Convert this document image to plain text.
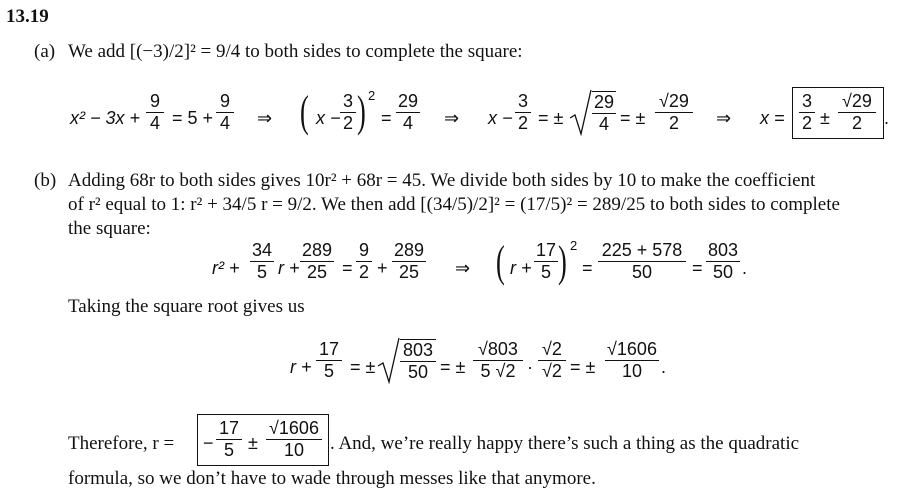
13.19
(a) We add [(−3)/2]² = 9/4 to both sides to complete the square:
x² − 3x +
9
4 = 5 +
9
4 ⇒ ( x −
3
2 ) 2
=
29
4	⇒ x −
3
2 = ±
29
4 = ±
√29
2	⇒ x =
3
2 ±
√29
2	.
(b) Adding 68r to both sides gives 10r² + 68r = 45. We divide both sides by 10 to make the coefficient
of r² equal to 1: r² + 34/5 r = 9/2. We then add [(34/5)/2]² = (17/5)² = 289/25 to both sides to complete
the square:
r² +
34
5 r +
289
25 =
9
2 +
289
25	⇒ ( r +
17
5 ) 2
=
225 + 578
50	=
803
50 .
Taking the square root gives us
r +
17
5 = ±
803
50 = ±
√803
5 √2 ·
√2
√2 = ±
√1606
10	.
Therefore, r = −
17
5 ±
√1606
10	. And, we’re really happy there’s such a thing as the quadratic
formula, so we don’t have to wade through messes like that anymore.
